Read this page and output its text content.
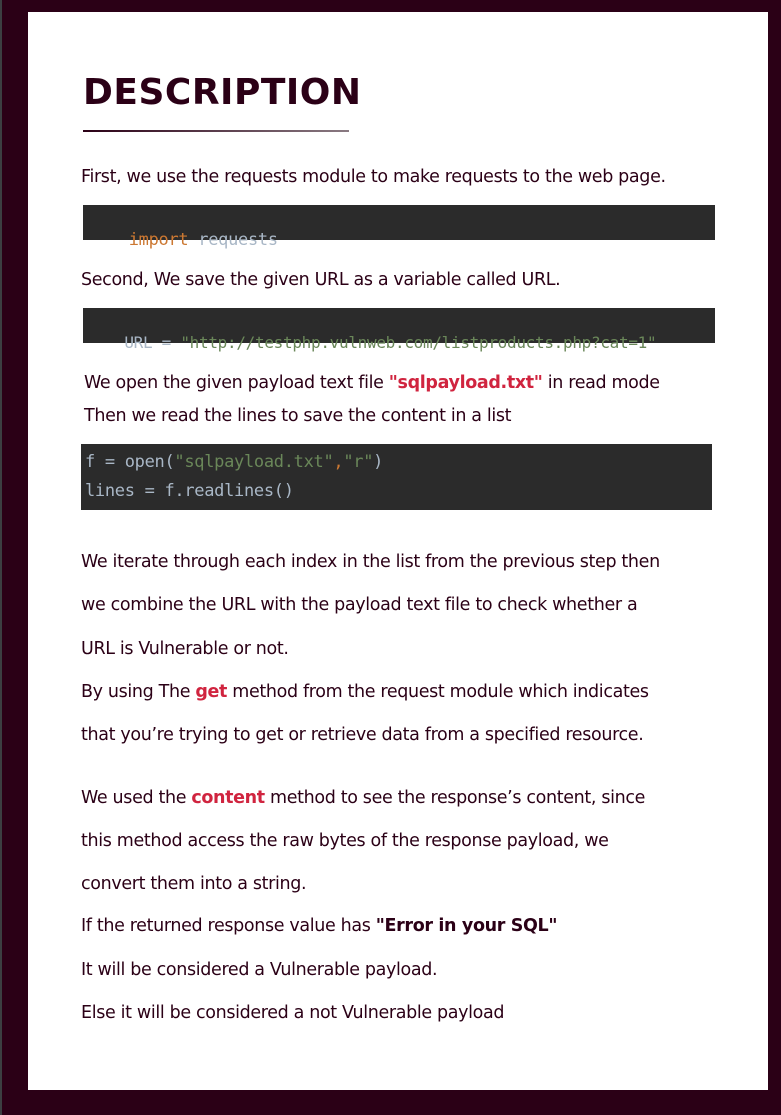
DESCRIPTION

First, we use the requests module to make requests to the web page.

import requests

Second, We save the given URL as a variable called URL.

URL = "http://testphp.vulnweb.com/listproducts.php?cat=1"

We open the given payload text file "sqlpayload.txt" in read mode

Then we read the lines to save the content in a list

f = open("sqlpayload.txt","r")
lines = f.readlines()

We iterate through each index in the list from the previous step then

we combine the URL with the payload text file to check whether a

URL is Vulnerable or not.

By using The get method from the request module which indicates

that you’re trying to get or retrieve data from a specified resource.

We used the content method to see the response’s content, since

this method access the raw bytes of the response payload, we

convert them into a string.

If the returned response value has "Error in your SQL"

It will be considered a Vulnerable payload.

Else it will be considered a not Vulnerable payload
